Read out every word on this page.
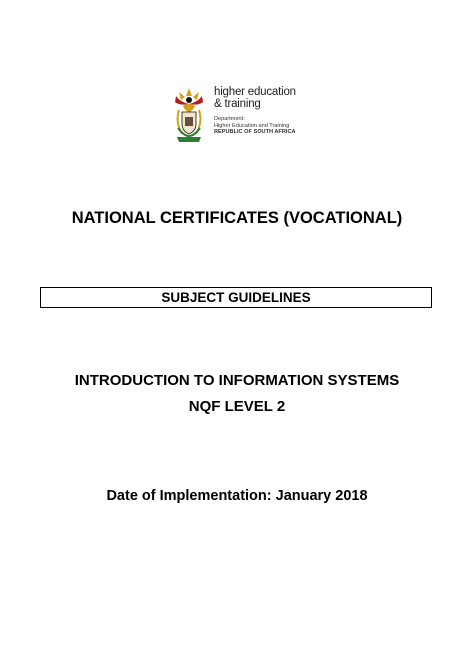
higher education
& training
Department:
Higher Education and Training
REPUBLIC OF SOUTH AFRICA
NATIONAL CERTIFICATES (VOCATIONAL)
SUBJECT GUIDELINES
INTRODUCTION TO INFORMATION SYSTEMS
NQF LEVEL 2
Date of Implementation: January 2018
